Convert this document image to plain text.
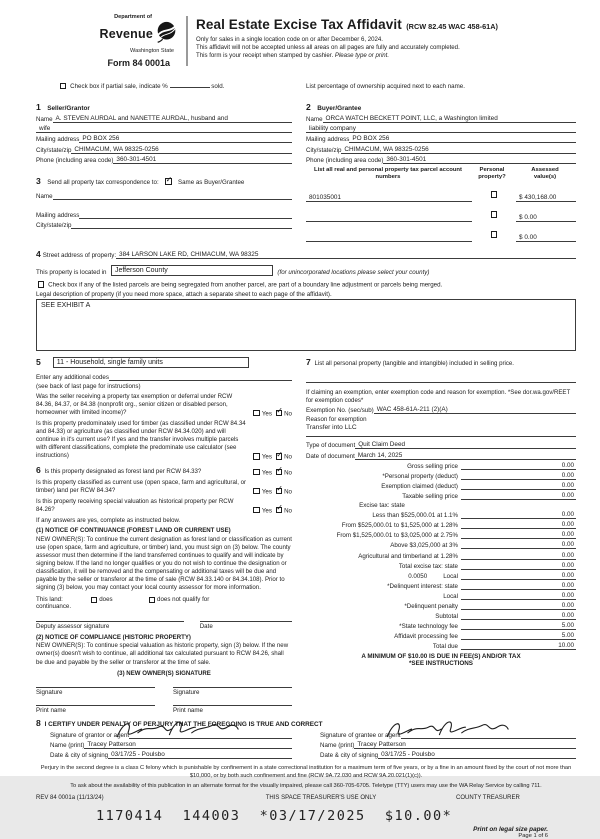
Department of
Revenue
Washington State
Form 84 0001a
Real Estate Excise Tax Affidavit (RCW 82.45 WAC 458-61A)
Only for sales in a single location code on or after December 6, 2024.
This affidavit will not be accepted unless all areas on all pages are fully and accurately completed.
This form is your receipt when stamped by cashier. Please type or print.
Check box if partial sale, indicate %	sold.	List percentage of ownership acquired next to each name.
1 Seller/Grantor
Name A. STEVEN AURDAL and NANETTE AURDAL, husband and
wife
Mailing address PO BOX 256
City/state/zip CHIMACUM, WA 98325-0256
Phone (including area code) 360-301-4501
3 Send all property tax correspondence to: ✓ Same as Buyer/Grantee
Name
Mailing address
City/state/zip
2 Buyer/Grantee
Name ORCA WATCH BECKETT POINT, LLC, a Washington limited
liability company
Mailing address PO BOX 256
City/state/zip CHIMACUM, WA 98325-0256
Phone (including area code) 360-301-4501
List all real and personal property tax parcel account numbers
Personal
property?
Assessed
value(s)
801035001	$ 430,168.00
$ 0.00
$ 0.00
4 Street address of property: 384 LARSON LAKE RD, CHIMACUM, WA 98325
This property is located in Jefferson County	(for unincorporated locations please select your county)
Check box if any of the listed parcels are being segregated from another parcel, are part of a boundary line adjustment or parcels being merged.
Legal description of property (if you need more space, attach a separate sheet to each page of the affidavit).
SEE EXHIBIT A
5	11 - Household, single family units
Enter any additional codes
(see back of last page for instructions)
Was the seller receiving a property tax exemption or deferral under RCW 84.36, 84.37, or 84.38 (nonprofit org., senior citizen or disabled person, homeowner with limited income)?	Yes ✓ No
Is this property predominately used for timber (as classified under RCW 84.34 and 84.33) or agriculture (as classified under RCW 84.34.020) and will continue in it's current use? If yes and the transfer involves multiple parcels with different classifications, complete the predominate use calculator (see instructions)	Yes ✓ No
6 Is this property designated as forest land per RCW 84.33?	Yes ✓ No
Is this property classified as current use (open space, farm and agricultural, or timber) land per RCW 84.34?	Yes ✓ No
Is this property receiving special valuation as historical property per RCW 84.26?	Yes ✓ No
If any answers are yes, complete as instructed below.
(1) NOTICE OF CONTINUANCE (FOREST LAND OR CURRENT USE)
NEW OWNER(S): To continue the current designation as forest land or classification as current use (open space, farm and agriculture, or timber) land, you must sign on (3) below. The county assessor must then determine if the land transferred continues to qualify and will indicate by signing below. If the land no longer qualifies or you do not wish to continue the designation or classification, it will be removed and the compensating or additional taxes will be due and payable by the seller or transferor at the time of sale (RCW 84.33.140 or 84.34.108). Prior to signing (3) below, you may contact your local county assessor for more information.
This land:	does	does not qualify for
continuance.
Deputy assessor signature	Date
(2) NOTICE OF COMPLIANCE (HISTORIC PROPERTY)
NEW OWNER(S): To continue special valuation as historic property, sign (3) below. If the new owner(s) doesn't wish to continue, all additional tax calculated pursuant to RCW 84.26, shall be due and payable by the seller or transferor at the time of sale.
(3) NEW OWNER(S) SIGNATURE
Signature	Signature
Print name	Print name
7 List all personal property (tangible and intangible) included in selling price.
If claiming an exemption, enter exemption code and reason for exemption. *See dor.wa.gov/REET for exemption codes*
Exemption No. (sec/sub) WAC 458-61A-211 (2)(A)
Reason for exemption
Transfer into LLC
Type of document Quit Claim Deed
Date of document March 14, 2025
Gross selling price	0.00
*Personal property (deduct)	0.00
Exemption claimed (deduct)	0.00
Taxable selling price	0.00
Excise tax: state
Less than $525,000.01 at 1.1%	0.00
From $525,000.01 to $1,525,000 at 1.28%	0.00
From $1,525,000.01 to $3,025,000 at 2.75%	0.00
Above $3,025,000 at 3%	0.00
Agricultural and timberland at 1.28%	0.00
Total excise tax: state	0.00
0.0050	Local	0.00
*Delinquent interest: state	0.00
Local	0.00
*Delinquent penalty	0.00
Subtotal	0.00
*State technology fee	5.00
Affidavit processing fee	5.00
Total due	10.00
A MINIMUM OF $10.00 IS DUE IN FEE(S) AND/OR TAX
*SEE INSTRUCTIONS
8 I CERTIFY UNDER PENALTY OF PERJURY THAT THE FOREGOING IS TRUE AND CORRECT
Signature of grantor or agent
Name (print) Tracey Patterson
Date & city of signing 03/17/25 - Poulsbo
Signature of grantee or agent
Name (print) Tracey Patterson
Date & city of signing 03/17/25 - Poulsbo
Perjury in the second degree is a class C felony which is punishable by confinement in a state correctional institution for a maximum term of five years, or by a fine in an amount fixed by the court of not more than $10,000, or by both such confinement and fine (RCW 9A.72.030 and RCW 9A.20.021(1)(c)).
To ask about the availability of this publication in an alternate format for the visually impaired, please call 360-705-6705. Teletype (TTY) users may use the WA Relay Service by calling 711.
REV 84 0001a (11/13/24)	THIS SPACE TREASURER'S USE ONLY	COUNTY TREASURER
1170414  144003  *03/17/2025  $10.00*
Print on legal size paper.
Page 1 of 6
